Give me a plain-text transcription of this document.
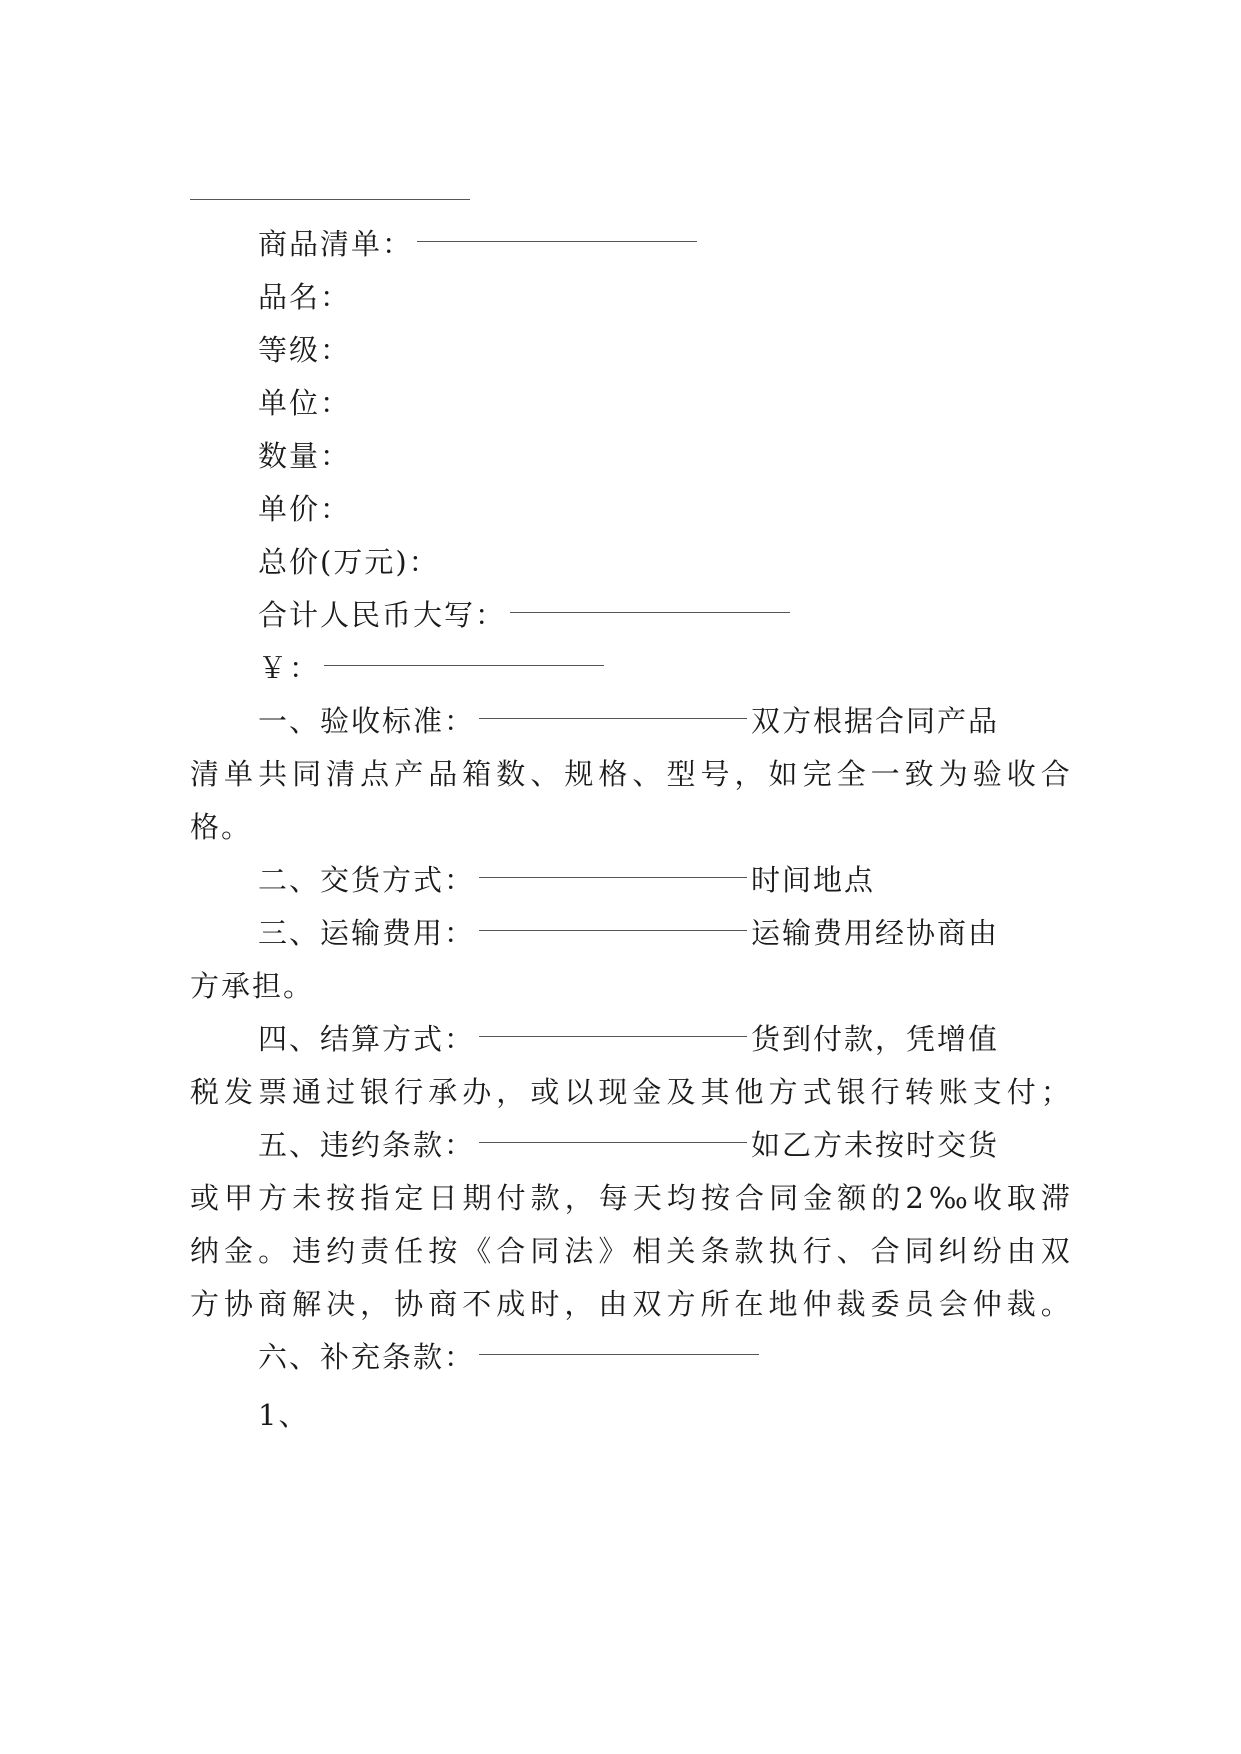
商品清单：
品名：
等级：
单位：
数量：
单价：
总价(万元)：
合计人民币大写：
￥：
一、验收标准：	双方根据合同产品
清 单 共 同 清 点 产 品 箱 数 、 规 格 、 型 号 ， 如 完 全 一 致 为 验 收 合
格。
二、交货方式：	时间地点
三、运输费用：	运输费用经协商由
方承担。
四、结算方式：	货到付款，凭增值
税 发 票 通 过 银 行 承 办 ， 或 以 现 金 及 其 他 方 式 银 行 转 账 支 付 ；
五、违约条款：	如乙方未按时交货
或 甲 方 未 按 指 定 日 期 付 款 ， 每 天 均 按 合 同 金 额 的 2 ‰ 收 取 滞
纳 金 。 违 约 责 任 按 《 合 同 法 》 相 关 条 款 执 行 、 合 同 纠 纷 由 双
方 协 商 解 决 ， 协 商 不 成 时 ， 由 双 方 所 在 地 仲 裁 委 员 会 仲 裁 。
六、补充条款：
1、
